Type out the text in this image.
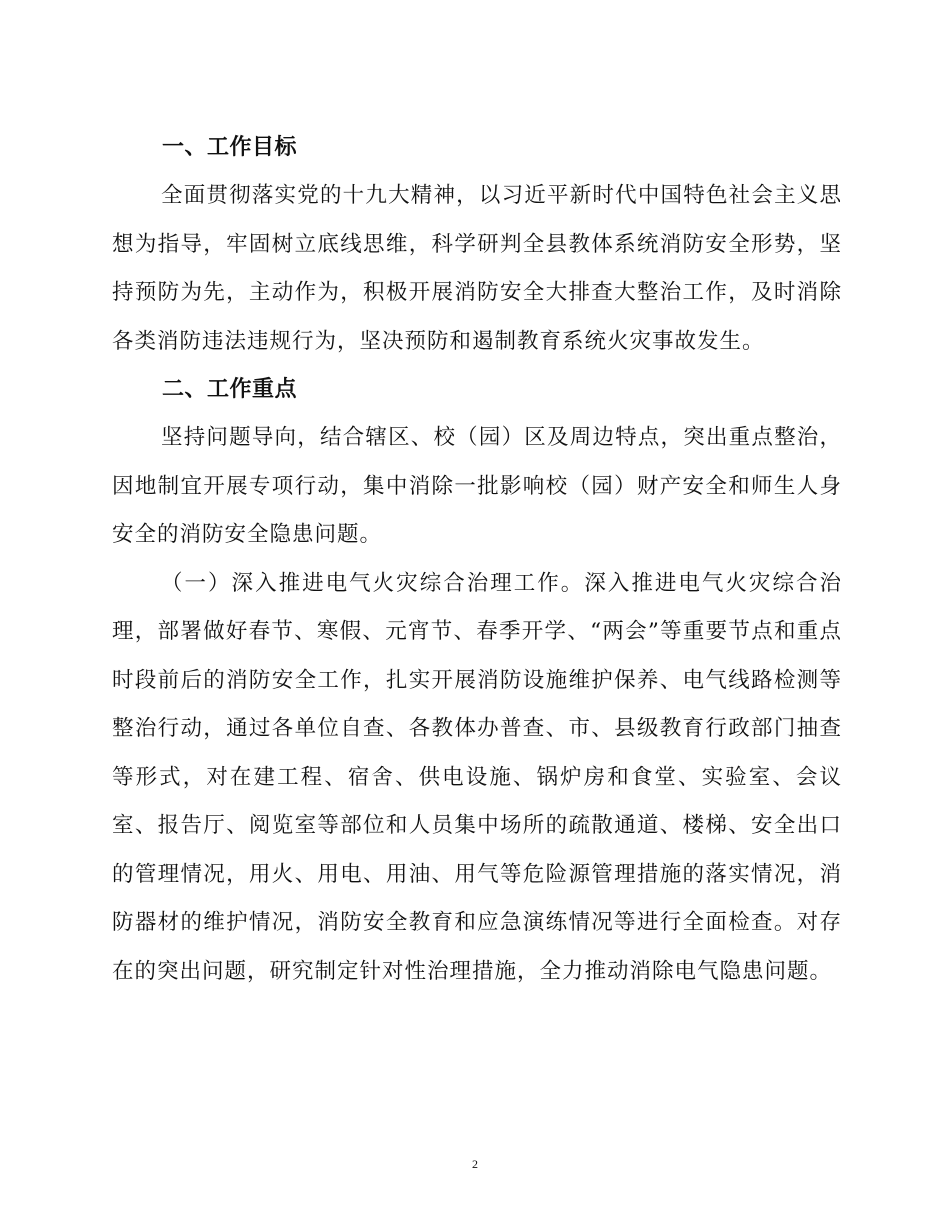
一、工作目标

全面贯彻落实党的十九大精神，以习近平新时代中国特色社会主义思想为指导，牢固树立底线思维，科学研判全县教体系统消防安全形势，坚持预防为先，主动作为，积极开展消防安全大排查大整治工作，及时消除各类消防违法违规行为，坚决预防和遏制教育系统火灾事故发生。

二、工作重点

坚持问题导向，结合辖区、校（园）区及周边特点，突出重点整治，因地制宜开展专项行动，集中消除一批影响校（园）财产安全和师生人身安全的消防安全隐患问题。

（一）深入推进电气火灾综合治理工作。深入推进电气火灾综合治理，部署做好春节、寒假、元宵节、春季开学、“两会”等重要节点和重点时段前后的消防安全工作，扎实开展消防设施维护保养、电气线路检测等整治行动，通过各单位自查、各教体办普查、市、县级教育行政部门抽查等形式，对在建工程、宿舍、供电设施、锅炉房和食堂、实验室、会议室、报告厅、阅览室等部位和人员集中场所的疏散通道、楼梯、安全出口的管理情况，用火、用电、用油、用气等危险源管理措施的落实情况，消防器材的维护情况，消防安全教育和应急演练情况等进行全面检查。对存在的突出问题，研究制定针对性治理措施，全力推动消除电气隐患问题。

2
